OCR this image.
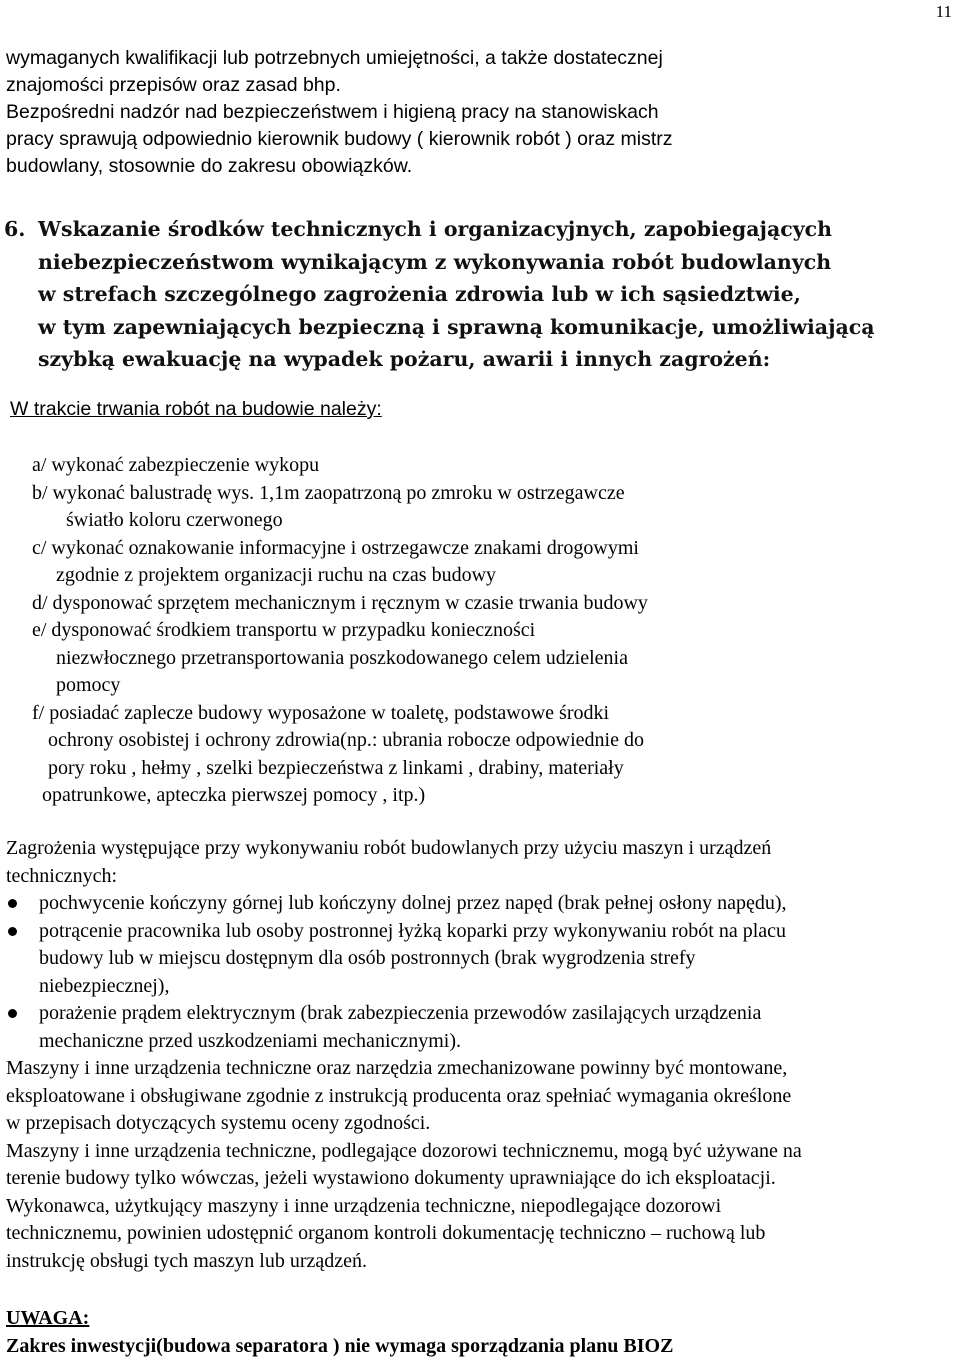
11

wymaganych kwalifikacji lub potrzebnych umiejętności, a także dostatecznej
znajomości przepisów oraz zasad bhp.
Bezpośredni nadzór nad bezpieczeństwem i higieną pracy na stanowiskach
pracy sprawują odpowiednio kierownik budowy ( kierownik robót ) oraz mistrz
budowlany, stosownie do zakresu obowiązków.

6. Wskazanie środków technicznych i organizacyjnych, zapobiegających
niebezpieczeństwom wynikającym z wykonywania robót budowlanych
w strefach szczególnego zagrożenia zdrowia lub w ich sąsiedztwie,
w tym zapewniających bezpieczną i sprawną komunikacje, umożliwiającą
szybką ewakuację na wypadek pożaru, awarii i innych zagrożeń:

W trakcie trwania robót na budowie należy:

a/ wykonać zabezpieczenie wykopu
b/ wykonać balustradę wys. 1,1m zaopatrzoną po zmroku w ostrzegawcze
światło koloru czerwonego
c/ wykonać oznakowanie informacyjne i ostrzegawcze znakami drogowymi
zgodnie z projektem organizacji ruchu na czas budowy
d/ dysponować sprzętem mechanicznym i ręcznym w czasie trwania budowy
e/ dysponować środkiem transportu w przypadku konieczności
niezwłocznego przetransportowania poszkodowanego celem udzielenia
pomocy
f/ posiadać zaplecze budowy wyposażone w toaletę, podstawowe środki
ochrony osobistej i ochrony zdrowia(np.: ubrania robocze odpowiednie do
pory roku , hełmy , szelki bezpieczeństwa z linkami , drabiny, materiały
opatrunkowe, apteczka pierwszej pomocy , itp.)

Zagrożenia występujące przy wykonywaniu robót budowlanych przy użyciu maszyn i urządzeń
technicznych:

pochwycenie kończyny górnej lub kończyny dolnej przez napęd (brak pełnej osłony napędu),
potrącenie pracownika lub osoby postronnej łyżką koparki przy wykonywaniu robót na placu
budowy lub w miejscu dostępnym dla osób postronnych (brak wygrodzenia strefy
niebezpiecznej),
porażenie prądem elektrycznym (brak zabezpieczenia przewodów zasilających urządzenia
mechaniczne przed uszkodzeniami mechanicznymi).

Maszyny i inne urządzenia techniczne oraz narzędzia zmechanizowane powinny być montowane,
eksploatowane i obsługiwane zgodnie z instrukcją producenta oraz spełniać wymagania określone
w przepisach dotyczących systemu oceny zgodności.

Maszyny i inne urządzenia techniczne, podlegające dozorowi technicznemu, mogą być używane na
terenie budowy tylko wówczas, jeżeli wystawiono dokumenty uprawniające do ich eksploatacji.
Wykonawca, użytkujący maszyny i inne urządzenia techniczne, niepodlegające dozorowi
technicznemu, powinien udostępnić organom kontroli dokumentację techniczno – ruchową lub
instrukcję obsługi tych maszyn lub urządzeń.

UWAGA:

Zakres inwestycji(budowa separatora ) nie wymaga sporządzania planu BIOZ
